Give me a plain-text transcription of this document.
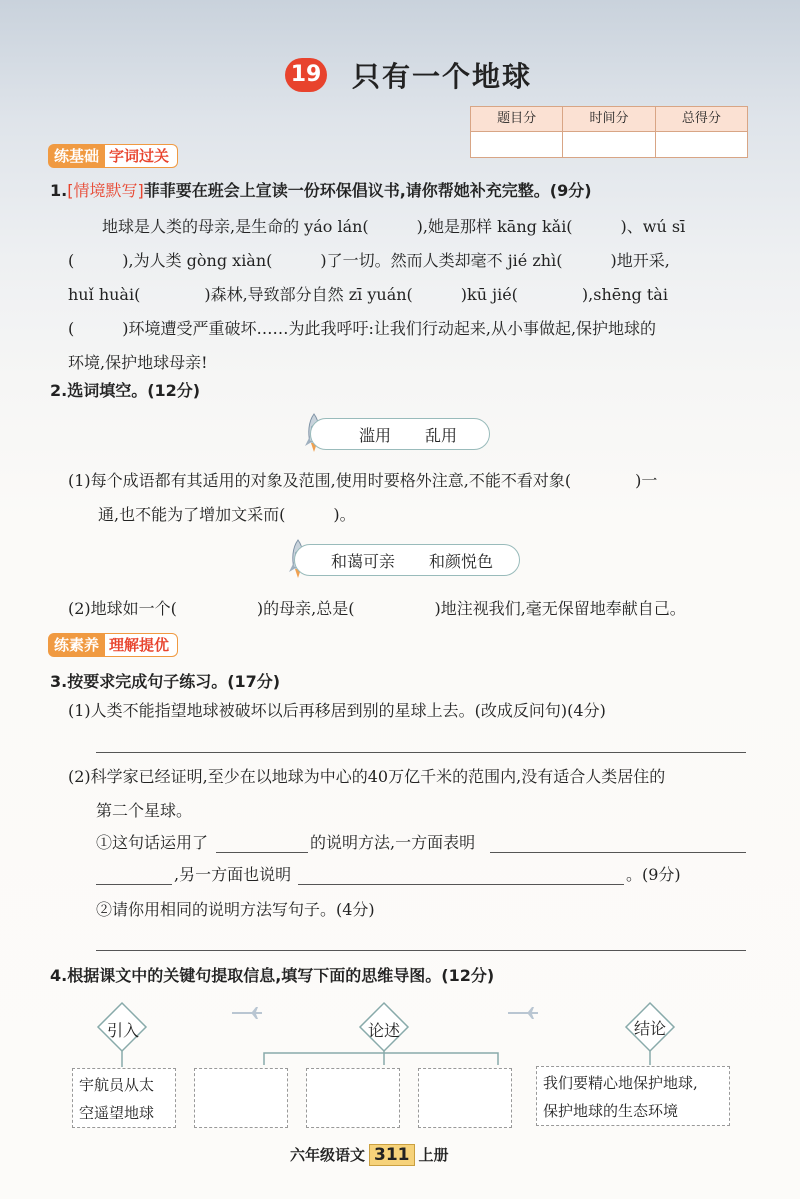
19 只有一个地球
题目分	时间分	总得分
练基础 字词过关
1.[情境默写]菲菲要在班会上宣读一份环保倡议书,请你帮她补充完整。(9分)
地球是人类的母亲,是生命的 yáo lán(　　　),她是那样 kāng kǎi(　　　)、wú sī
(　　　),为人类 gòng xiàn(　　　)了一切。然而人类却毫不 jié zhì(　　　)地开采,
huǐ huài(　　　　)森林,导致部分自然 zī yuán(　　　)kū jié(　　　　),shēng tài
(　　　)环境遭受严重破坏……为此我呼吁:让我们行动起来,从小事做起,保护地球的
环境,保护地球母亲!
2.选词填空。(12分)
滥用 乱用
(1)每个成语都有其适用的对象及范围,使用时要格外注意,不能不看对象(　　　　)一
通,也不能为了增加文采而(　　　)。
和蔼可亲 和颜悦色
(2)地球如一个(　　　　　)的母亲,总是(　　　　　)地注视我们,毫无保留地奉献自己。
练素养 理解提优
3.按要求完成句子练习。(17分)
(1)人类不能指望地球被破坏以后再移居到别的星球上去。(改成反问句)(4分)
(2)科学家已经证明,至少在以地球为中心的40万亿千米的范围内,没有适合人类居住的
第二个星球。
①这句话运用了	的说明方法,一方面表明
,另一方面也说明	。(9分)
②请你用相同的说明方法写句子。(4分)
4.根据课文中的关键句提取信息,填写下面的思维导图。(12分)
引入	论述	结论
宇航员从太
空遥望地球
我们要精心地保护地球,
保护地球的生态环境
六年级语文 311 上册
